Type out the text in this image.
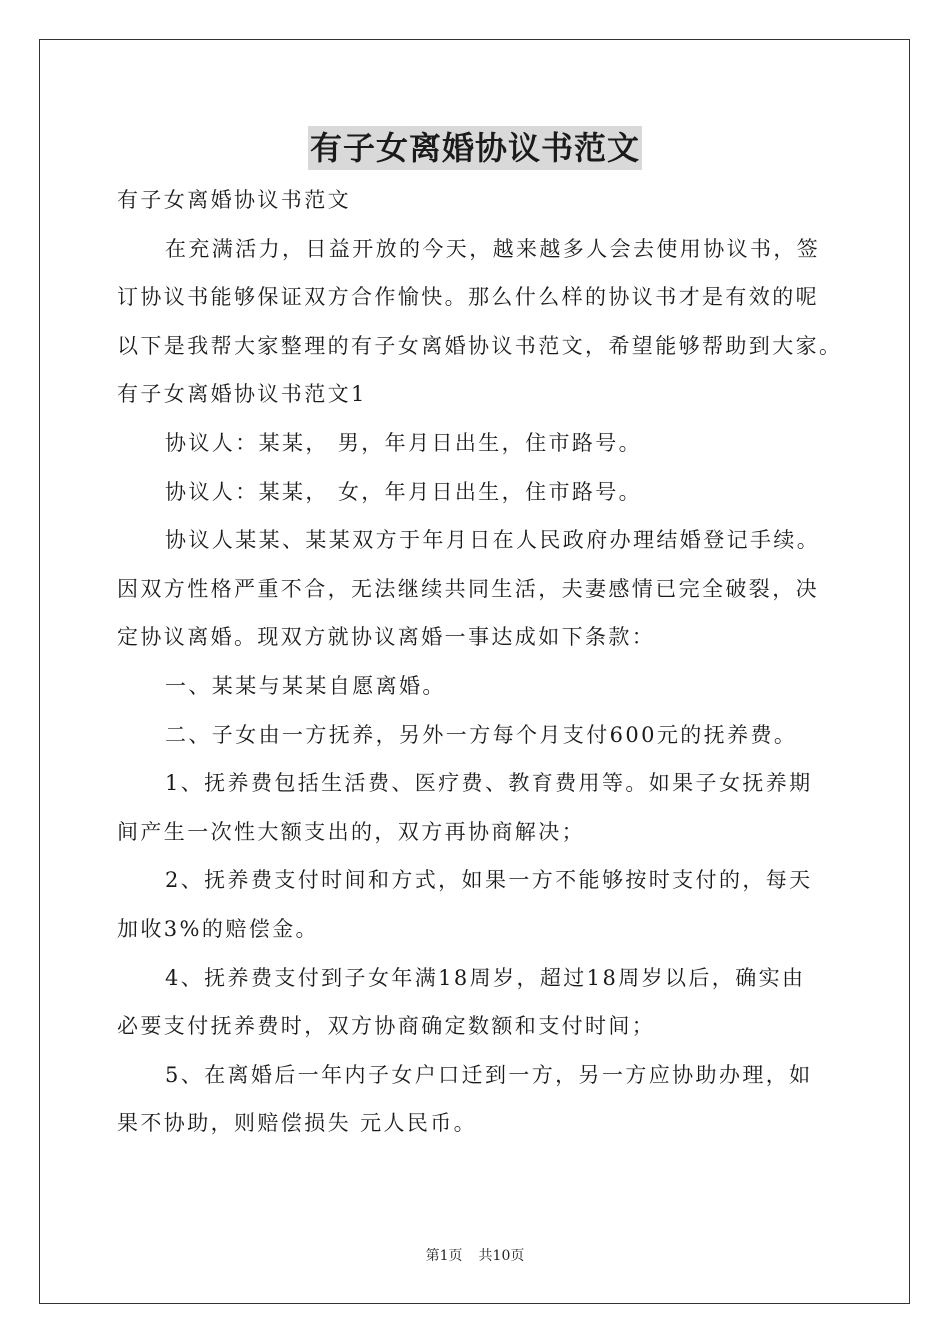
有子女离婚协议书范文
有子女离婚协议书范文
在充满活力，日益开放的今天，越来越多人会去使用协议书，签
订协议书能够保证双方合作愉快。那么什么样的协议书才是有效的呢
以下是我帮大家整理的有子女离婚协议书范文，希望能够帮助到大家。
有子女离婚协议书范文1
协议人：某某， 男，年月日出生，住市路号。
协议人：某某， 女，年月日出生，住市路号。
协议人某某、某某双方于年月日在人民政府办理结婚登记手续。
因双方性格严重不合，无法继续共同生活，夫妻感情已完全破裂，决
定协议离婚。现双方就协议离婚一事达成如下条款：
一、某某与某某自愿离婚。
二、子女由一方抚养，另外一方每个月支付600元的抚养费。
1、抚养费包括生活费、医疗费、教育费用等。如果子女抚养期
间产生一次性大额支出的，双方再协商解决；
2、抚养费支付时间和方式，如果一方不能够按时支付的，每天
加收3%的赔偿金。
4、抚养费支付到子女年满18周岁，超过18周岁以后，确实由
必要支付抚养费时，双方协商确定数额和支付时间；
5、在离婚后一年内子女户口迁到一方，另一方应协助办理，如
果不协助，则赔偿损失 元人民币。
第1页 共10页
